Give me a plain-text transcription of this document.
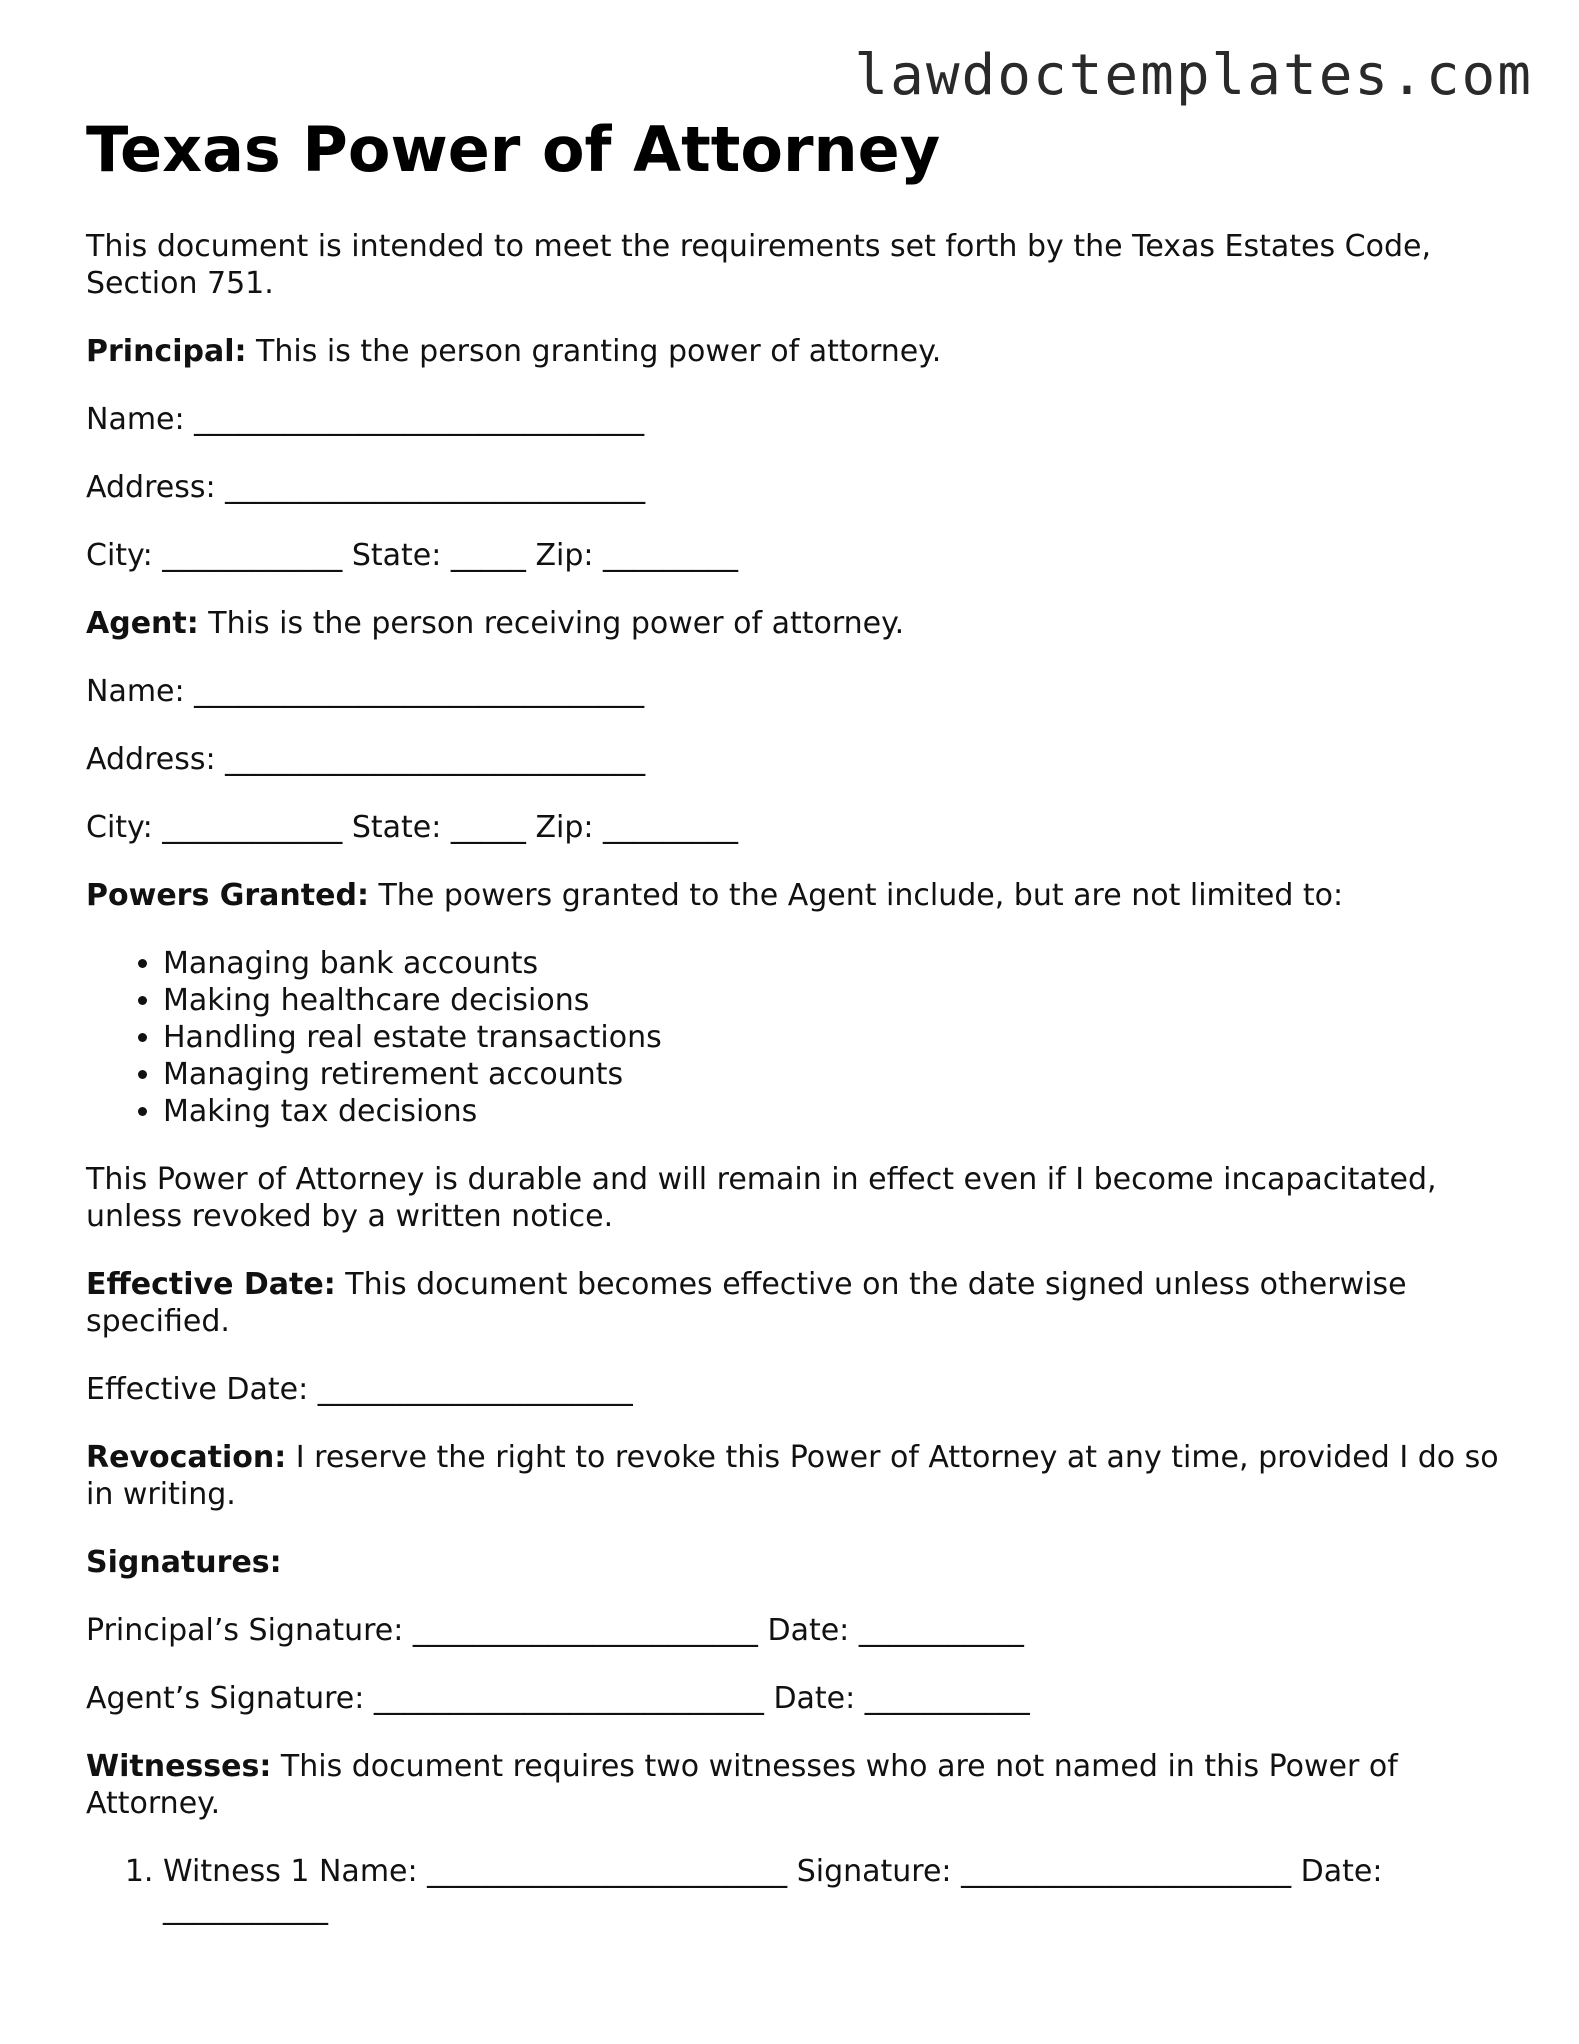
lawdoctemplates.com
Texas Power of Attorney

This document is intended to meet the requirements set forth by the Texas Estates Code, Section 751.

Principal: This is the person granting power of attorney.

Name: ______________________________

Address: ____________________________

City: ____________ State: _____ Zip: _________

Agent: This is the person receiving power of attorney.

Name: ______________________________

Address: ____________________________

City: ____________ State: _____ Zip: _________

Powers Granted: The powers granted to the Agent include, but are not limited to:

• Managing bank accounts
• Making healthcare decisions
• Handling real estate transactions
• Managing retirement accounts
• Making tax decisions

This Power of Attorney is durable and will remain in effect even if I become incapacitated, unless revoked by a written notice.

Effective Date: This document becomes effective on the date signed unless otherwise specified.

Effective Date: _____________________

Revocation: I reserve the right to revoke this Power of Attorney at any time, provided I do so in writing.

Signatures:

Principal’s Signature: _______________________ Date: ___________

Agent’s Signature: __________________________ Date: ___________

Witnesses: This document requires two witnesses who are not named in this Power of Attorney.

1. Witness 1 Name: ________________________ Signature: ______________________ Date: ___________
